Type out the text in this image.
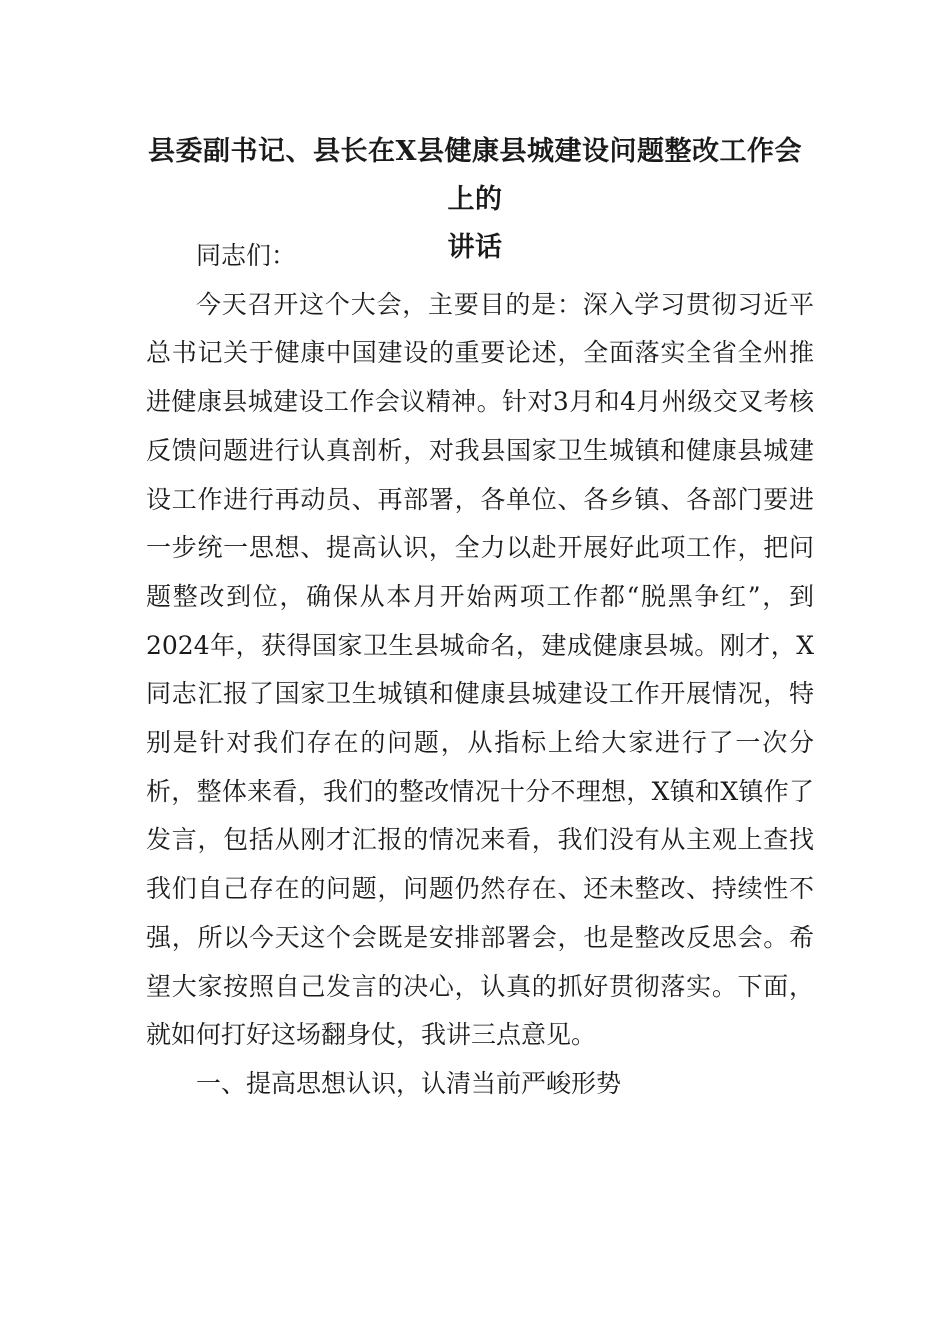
县委副书记、县长在X县健康县城建设问题整改工作会上的
讲话

同志们：

今天召开这个大会，主要目的是：深入学习贯彻习近平总书记关于健康中国建设的重要论述，全面落实全省全州推进健康县城建设工作会议精神。针对3月和4月州级交叉考核反馈问题进行认真剖析，对我县国家卫生城镇和健康县城建设工作进行再动员、再部署，各单位、各乡镇、各部门要进一步统一思想、提高认识，全力以赴开展好此项工作，把问题整改到位，确保从本月开始两项工作都“脱黑争红”，到2024年，获得国家卫生县城命名，建成健康县城。刚才，X同志汇报了国家卫生城镇和健康县城建设工作开展情况，特别是针对我们存在的问题，从指标上给大家进行了一次分析，整体来看，我们的整改情况十分不理想，X镇和X镇作了发言，包括从刚才汇报的情况来看，我们没有从主观上查找我们自己存在的问题，问题仍然存在、还未整改、持续性不强，所以今天这个会既是安排部署会，也是整改反思会。希望大家按照自己发言的决心，认真的抓好贯彻落实。下面，就如何打好这场翻身仗，我讲三点意见。

一、提高思想认识，认清当前严峻形势
